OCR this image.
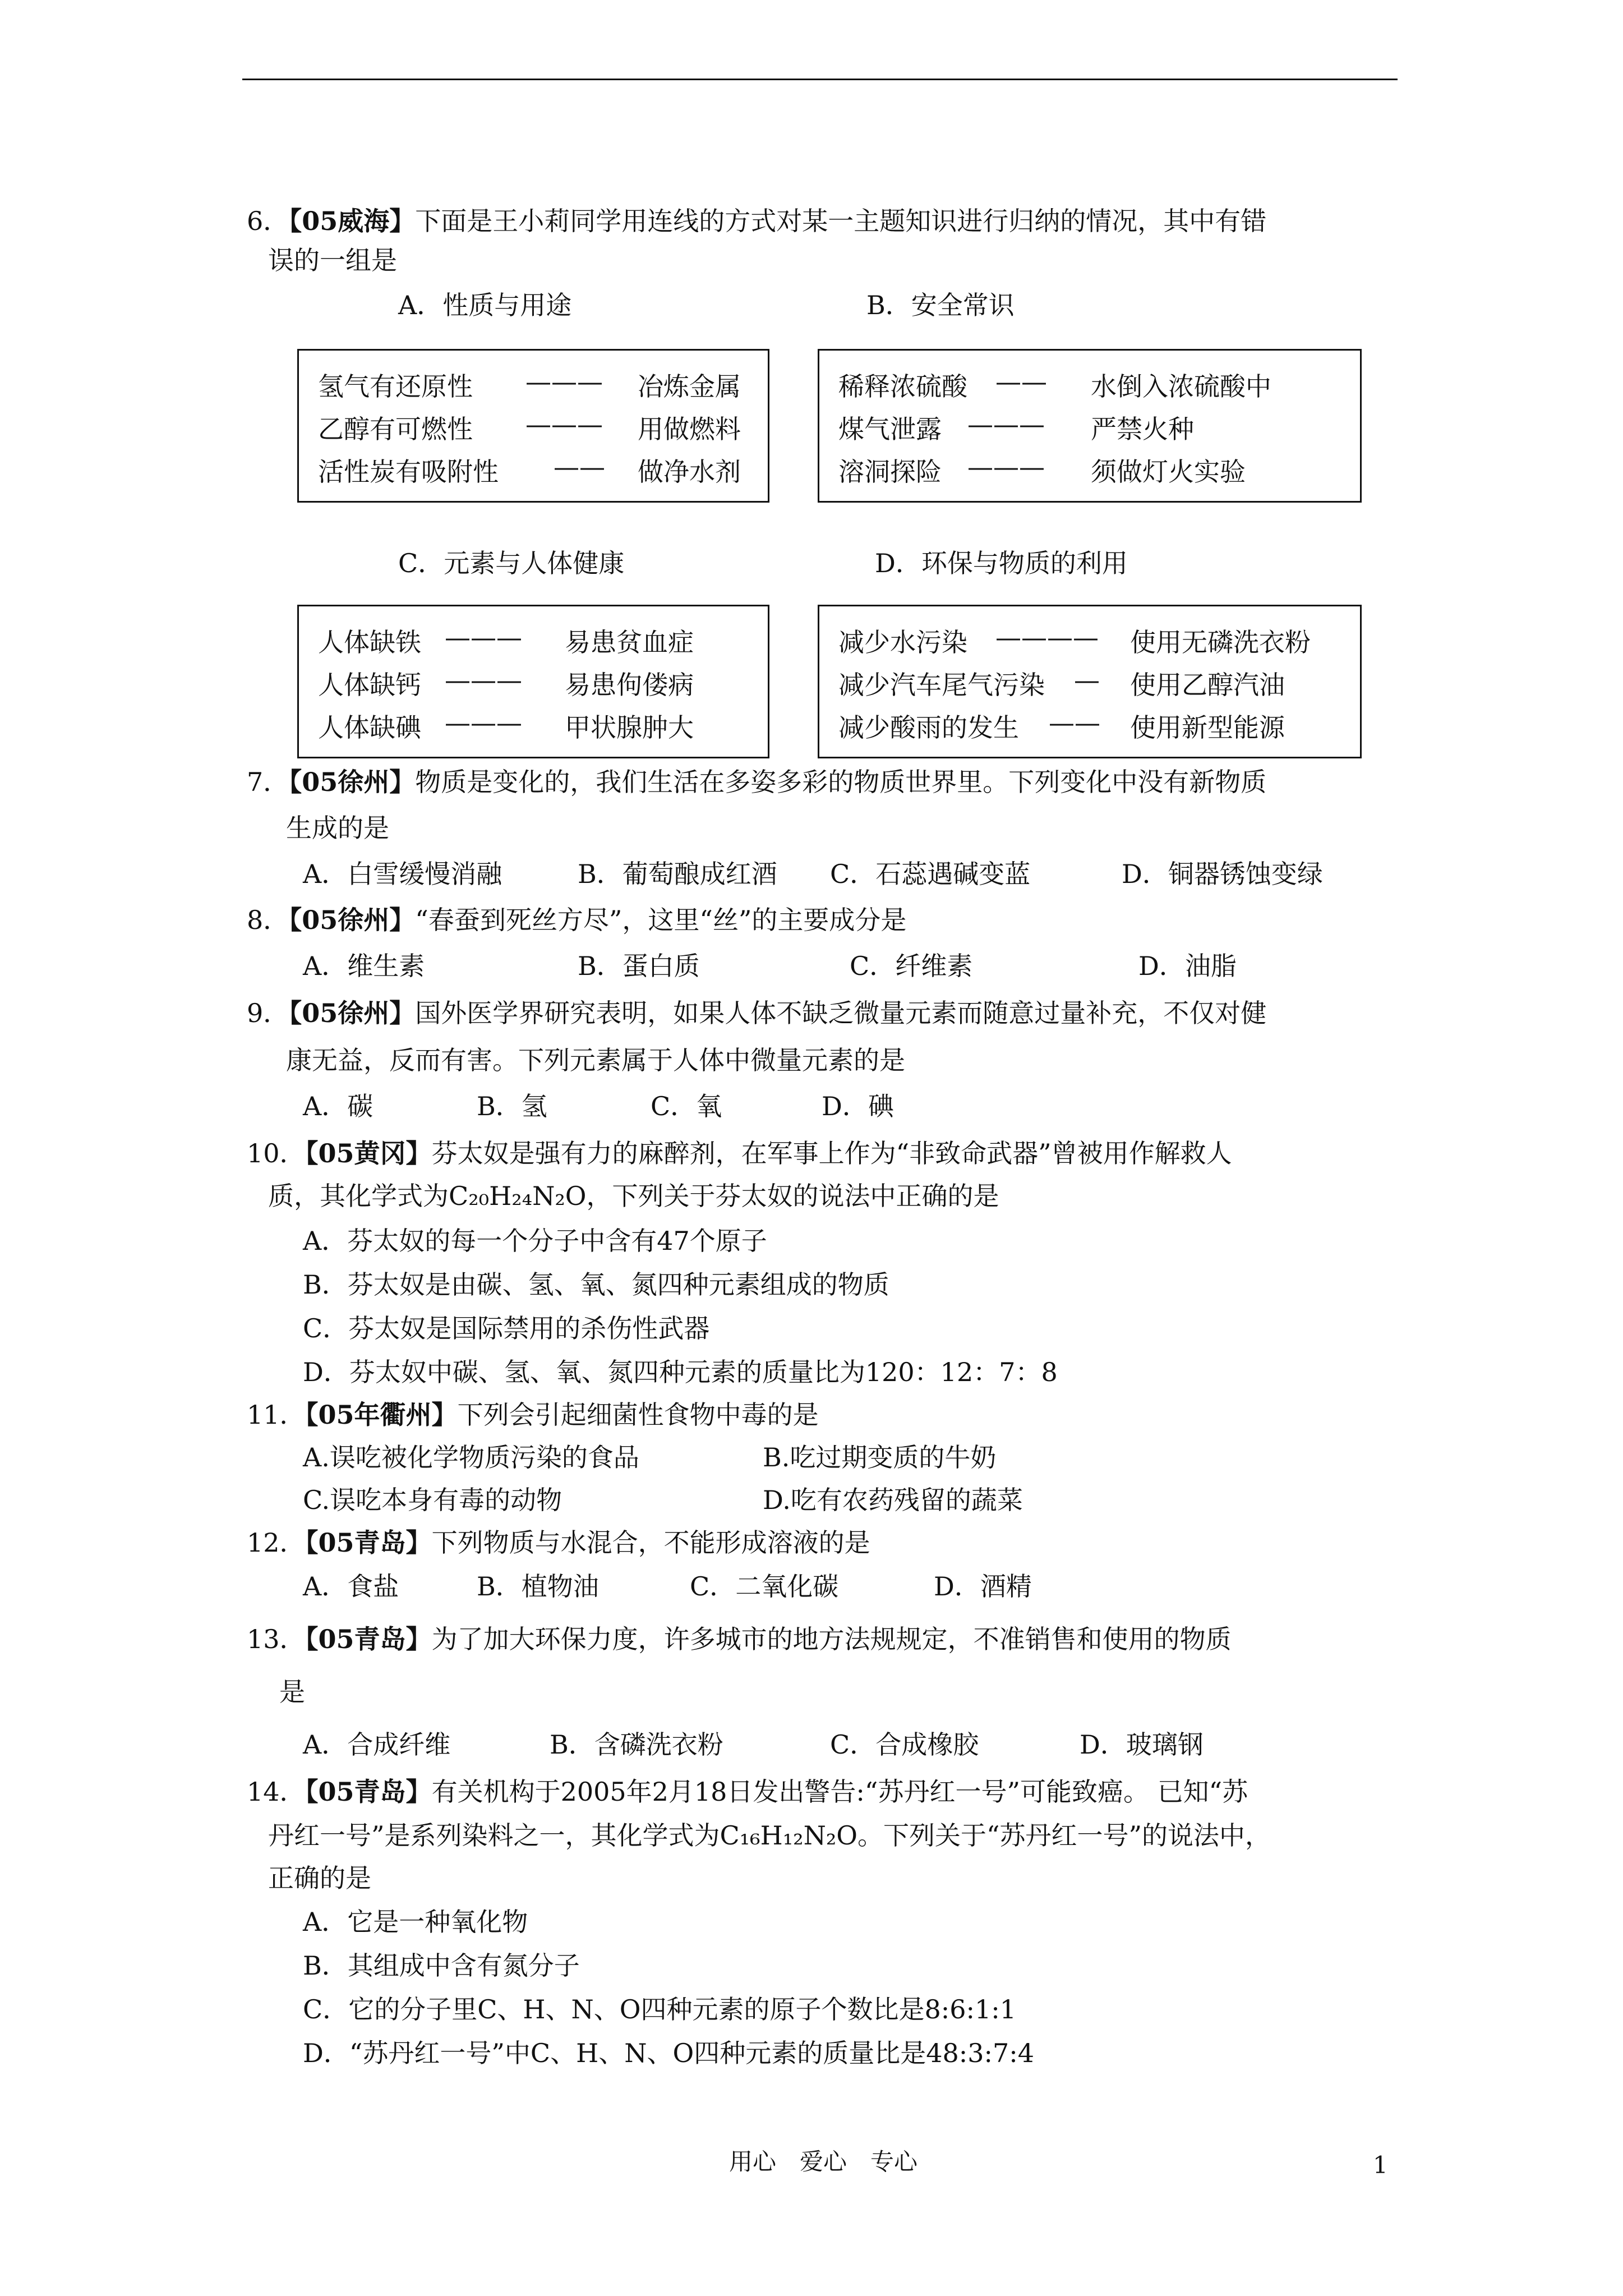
6．【05威海】下面是王小莉同学用连线的方式对某一主题知识进行归纳的情况，其中有错
误的一组是
A．性质与用途	B．安全常识
氢气有还原性 ——— 冶炼金属
乙醇有可燃性 ——— 用做燃料
活性炭有吸附性 —— 做净水剂
稀释浓硫酸 —— 水倒入浓硫酸中
煤气泄露 ——— 严禁火种
溶洞探险 ——— 须做灯火实验
C．元素与人体健康	D．环保与物质的利用
人体缺铁 ——— 易患贫血症
人体缺钙 ——— 易患佝偻病
人体缺碘 ——— 甲状腺肿大
减少水污染 ———— 使用无磷洗衣粉
减少汽车尾气污染 — 使用乙醇汽油
减少酸雨的发生 —— 使用新型能源
7．【05徐州】物质是变化的，我们生活在多姿多彩的物质世界里。下列变化中没有新物质
生成的是
A．白雪缓慢消融	B．葡萄酿成红酒 C．石蕊遇碱变蓝	D．铜器锈蚀变绿
8．【05徐州】“春蚕到死丝方尽”，这里“丝”的主要成分是
A．维生素	B．蛋白质	C．纤维素	D．油脂
9．【05徐州】国外医学界研究表明，如果人体不缺乏微量元素而随意过量补充，不仅对健
康无益，反而有害。下列元素属于人体中微量元素的是
A．碳	B．氢	C．氧	D．碘
10．【05黄冈】芬太奴是强有力的麻醉剂，在军事上作为“非致命武器”曾被用作解救人
质，其化学式为C₂₀H₂₄N₂O，下列关于芬太奴的说法中正确的是
A．芬太奴的每一个分子中含有47个原子
B．芬太奴是由碳、氢、氧、氮四种元素组成的物质
C．芬太奴是国际禁用的杀伤性武器
D．芬太奴中碳、氢、氧、氮四种元素的质量比为120：12：7：8
11．【05年衢州】下列会引起细菌性食物中毒的是
A.误吃被化学物质污染的食品	B.吃过期变质的牛奶
C.误吃本身有毒的动物	D.吃有农药残留的蔬菜
12．【05青岛】下列物质与水混合，不能形成溶液的是
A．食盐	B．植物油	C．二氧化碳	D．酒精
13．【05青岛】为了加大环保力度，许多城市的地方法规规定，不准销售和使用的物质
是
A．合成纤维	B．含磷洗衣粉	C．合成橡胶	D．玻璃钢
14．【05青岛】有关机构于2005年2月18日发出警告:“苏丹红一号”可能致癌。 已知“苏
丹红一号”是系列染料之一，其化学式为C₁₆H₁₂N₂O。下列关于“苏丹红一号”的说法中，
正确的是
A．它是一种氧化物
B．其组成中含有氮分子
C．它的分子里C、H、N、O四种元素的原子个数比是8:6:1:1
D．“苏丹红一号”中C、H、N、O四种元素的质量比是48:3:7:4
用心　爱心　专心	1
